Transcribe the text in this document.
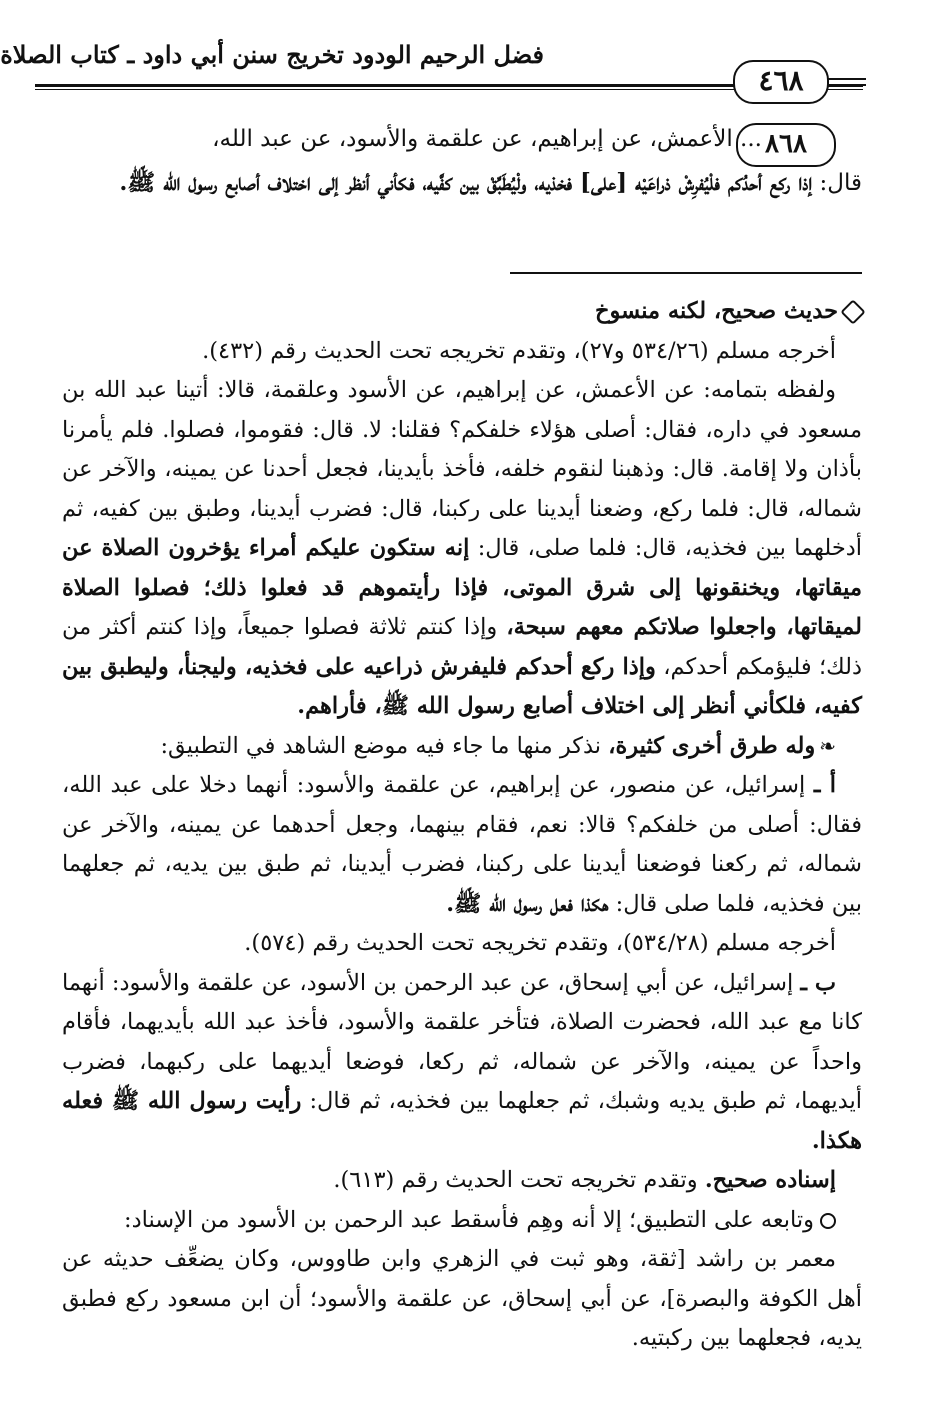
فضل الرحيم الودود تخريج سنن أبي داود ـ كتاب الصلاة
٤٦٨
٨٦٨
... الأعمش، عن إبراهيم، عن علقمة والأسود، عن عبد الله،
قال: إذا ركع أحدُكم فلْيُفرِشْ ذراعَيْه [على] فخذيه، ولْيُطَبِّقْ بين كفَّيه، فكأني أنظر إلى اختلاف أصابع رسول الله ﷺ.

حديث صحيح، لكنه منسوخ

أخرجه مسلم (٥٣٤/٢٦ و٢٧)، وتقدم تخريجه تحت الحديث رقم (٤٣٢).

ولفظه بتمامه: عن الأعمش، عن إبراهيم، عن الأسود وعلقمة، قالا: أتينا عبد الله بن مسعود في داره، فقال: أصلى هؤلاء خلفكم؟ فقلنا: لا. قال: فقوموا، فصلوا. فلم يأمرنا بأذان ولا إقامة. قال: وذهبنا لنقوم خلفه، فأخذ بأيدينا، فجعل أحدنا عن يمينه، والآخر عن شماله، قال: فلما ركع، وضعنا أيدينا على ركبنا، قال: فضرب أيدينا، وطبق بين كفيه، ثم أدخلهما بين فخذيه، قال: فلما صلى، قال: إنه ستكون عليكم أمراء يؤخرون الصلاة عن ميقاتها، ويخنقونها إلى شرق الموتى، فإذا رأيتموهم قد فعلوا ذلك؛ فصلوا الصلاة لميقاتها، واجعلوا صلاتكم معهم سبحة، وإذا كنتم ثلاثة فصلوا جميعاً، وإذا كنتم أكثر من ذلك؛ فليؤمكم أحدكم، وإذا ركع أحدكم فليفرش ذراعيه على فخذيه، وليجنأ، وليطبق بين كفيه، فلكأني أنظر إلى اختلاف أصابع رسول الله ﷺ، فأراهم.

❧وله طرق أخرى كثيرة، نذكر منها ما جاء فيه موضع الشاهد في التطبيق:

أ ـ إسرائيل، عن منصور، عن إبراهيم، عن علقمة والأسود: أنهما دخلا على عبد الله، فقال: أصلى من خلفكم؟ قالا: نعم، فقام بينهما، وجعل أحدهما عن يمينه، والآخر عن شماله، ثم ركعنا فوضعنا أيدينا على ركبنا، فضرب أيدينا، ثم طبق بين يديه، ثم جعلهما بين فخذيه، فلما صلى قال: هكذا فعل رسول الله ﷺ.

أخرجه مسلم (٥٣٤/٢٨)، وتقدم تخريجه تحت الحديث رقم (٥٧٤).

ب ـ إسرائيل، عن أبي إسحاق، عن عبد الرحمن بن الأسود، عن علقمة والأسود: أنهما كانا مع عبد الله، فحضرت الصلاة، فتأخر علقمة والأسود، فأخذ عبد الله بأيديهما، فأقام واحداً عن يمينه، والآخر عن شماله، ثم ركعا، فوضعا أيديهما على ركبهما، فضرب أيديهما، ثم طبق يديه وشبك، ثم جعلهما بين فخذيه، ثم قال: رأيت رسول الله ﷺ فعله هكذا.

إسناده صحيح. وتقدم تخريجه تحت الحديث رقم (٦١٣).

وتابعه على التطبيق؛ إلا أنه وهِم فأسقط عبد الرحمن بن الأسود من الإسناد:

معمر بن راشد [ثقة، وهو ثبت في الزهري وابن طاووس، وكان يضعِّف حديثه عن أهل الكوفة والبصرة]، عن أبي إسحاق، عن علقمة والأسود؛ أن ابن مسعود ركع فطبق يديه، فجعلهما بين ركبتيه.
